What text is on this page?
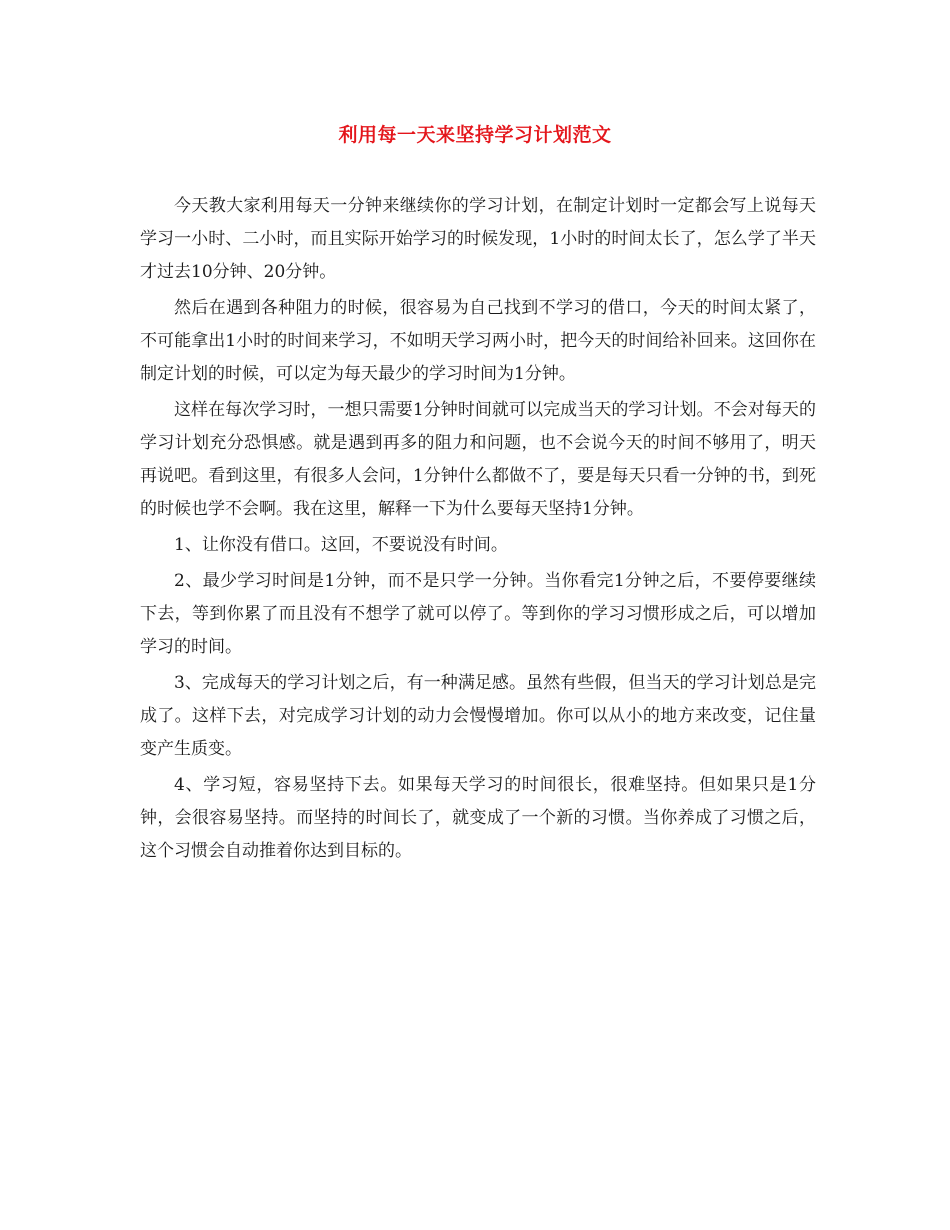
利用每一天来坚持学习计划范文

今天教大家利用每天一分钟来继续你的学习计划，在制定计划时一定都会写上说每天学习一小时、二小时，而且实际开始学习的时候发现，1小时的时间太长了，怎么学了半天才过去10分钟、20分钟。

然后在遇到各种阻力的时候，很容易为自己找到不学习的借口，今天的时间太紧了，不可能拿出1小时的时间来学习，不如明天学习两小时，把今天的时间给补回来。这回你在制定计划的时候，可以定为每天最少的学习时间为1分钟。

这样在每次学习时，一想只需要1分钟时间就可以完成当天的学习计划。不会对每天的学习计划充分恐惧感。就是遇到再多的阻力和问题，也不会说今天的时间不够用了，明天再说吧。看到这里，有很多人会问，1分钟什么都做不了，要是每天只看一分钟的书，到死的时候也学不会啊。我在这里，解释一下为什么要每天坚持1分钟。

1、让你没有借口。这回，不要说没有时间。

2、最少学习时间是1分钟，而不是只学一分钟。当你看完1分钟之后，不要停要继续下去，等到你累了而且没有不想学了就可以停了。等到你的学习习惯形成之后，可以增加学习的时间。

3、完成每天的学习计划之后，有一种满足感。虽然有些假，但当天的学习计划总是完成了。这样下去，对完成学习计划的动力会慢慢增加。你可以从小的地方来改变，记住量变产生质变。

4、学习短，容易坚持下去。如果每天学习的时间很长，很难坚持。但如果只是1分钟，会很容易坚持。而坚持的时间长了，就变成了一个新的习惯。当你养成了习惯之后，这个习惯会自动推着你达到目标的。
